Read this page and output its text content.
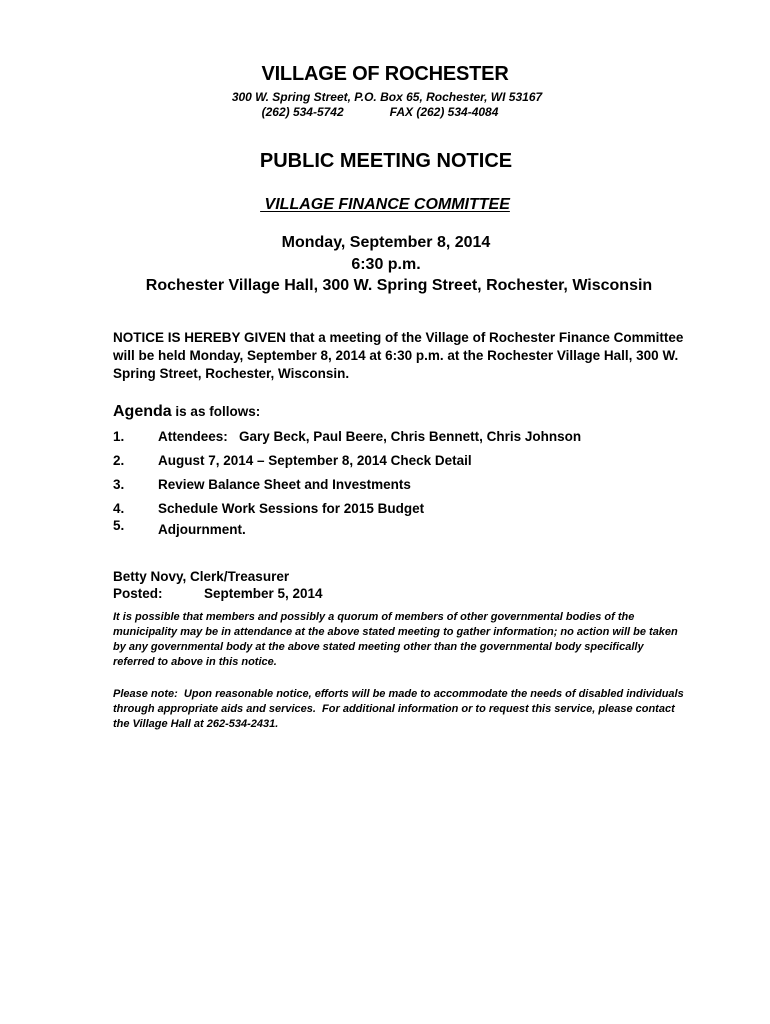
VILLAGE OF ROCHESTER
300 W. Spring Street, P.O. Box 65, Rochester, WI 53167
(262) 534-5742	FAX (262) 534-4084
PUBLIC MEETING NOTICE
VILLAGE FINANCE COMMITTEE
Monday, September 8, 2014
6:30 p.m.
Rochester Village Hall, 300 W. Spring Street, Rochester, Wisconsin
NOTICE IS HEREBY GIVEN that a meeting of the Village of Rochester Finance Committee will be held Monday, September 8, 2014 at 6:30 p.m. at the Rochester Village Hall, 300 W. Spring Street, Rochester, Wisconsin.
Agenda is as follows:
1. Attendees:   Gary Beck, Paul Beere, Chris Bennett, Chris Johnson
2. August 7, 2014 – September 8, 2014 Check Detail
3. Review Balance Sheet and Investments
4. Schedule Work Sessions for 2015 Budget
5. Adjournment.
Betty Novy, Clerk/Treasurer
Posted:	September 5, 2014
It is possible that members and possibly a quorum of members of other governmental bodies of the municipality may be in attendance at the above stated meeting to gather information; no action will be taken by any governmental body at the above stated meeting other than the governmental body specifically referred to above in this notice.
Please note:  Upon reasonable notice, efforts will be made to accommodate the needs of disabled individuals through appropriate aids and services.  For additional information or to request this service, please contact the Village Hall at 262-534-2431.
